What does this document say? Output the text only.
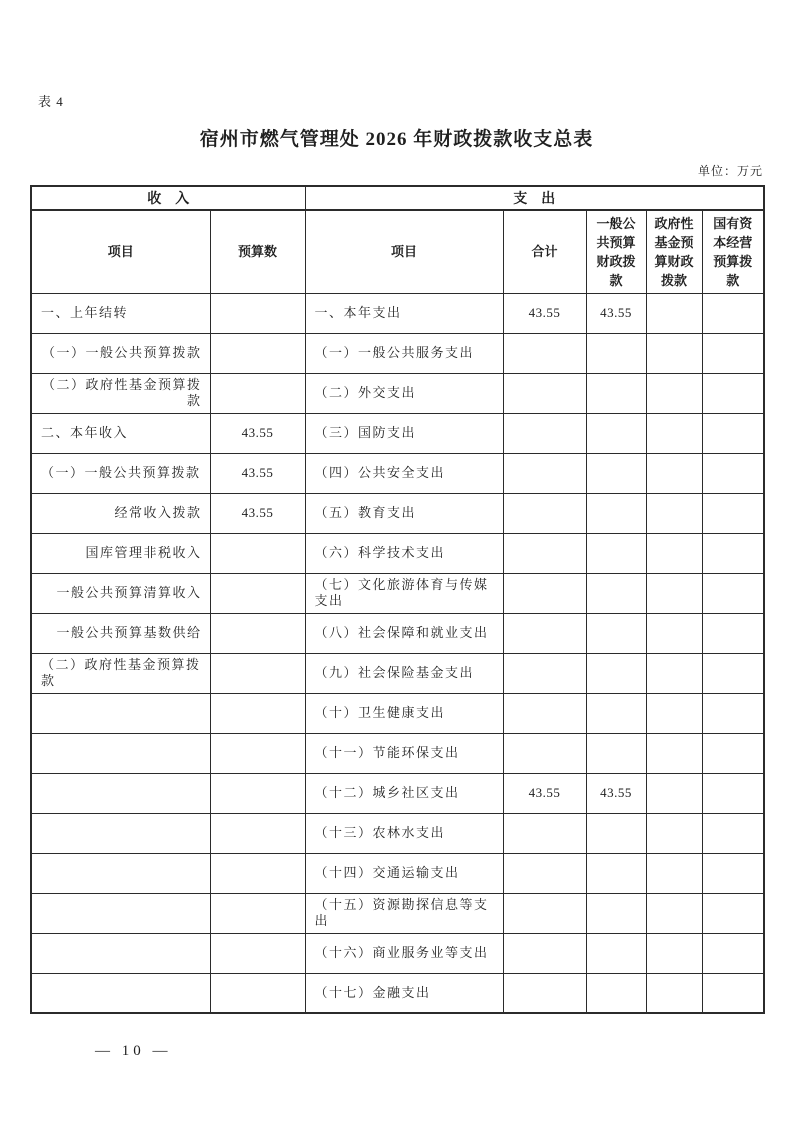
表 4
宿州市燃气管理处 2026 年财政拨款收支总表
单位：万元
收　入		支　出				
项目	预算数	项目	合计	一般公共预算财政拨款	政府性基金预算财政拨款	国有资本经营预算拨款
一、上年结转		一、本年支出	43.55	43.55		
（一）一般公共预算拨款		（一）一般公共服务支出				
（二）政府性基金预算拨款		（二）外交支出				
二、本年收入	43.55	（三）国防支出				
（一）一般公共预算拨款	43.55	（四）公共安全支出				
经常收入拨款	43.55	（五）教育支出				
国库管理非税收入		（六）科学技术支出				
一般公共预算清算收入		（七）文化旅游体育与传媒支出				
一般公共预算基数供给		（八）社会保障和就业支出				
（二）政府性基金预算拨款		（九）社会保险基金支出				
		（十）卫生健康支出				
		（十一）节能环保支出				
		（十二）城乡社区支出	43.55	43.55		
		（十三）农林水支出				
		（十四）交通运输支出				
		（十五）资源勘探信息等支出				
		（十六）商业服务业等支出				
		（十七）金融支出				
— 10 —
